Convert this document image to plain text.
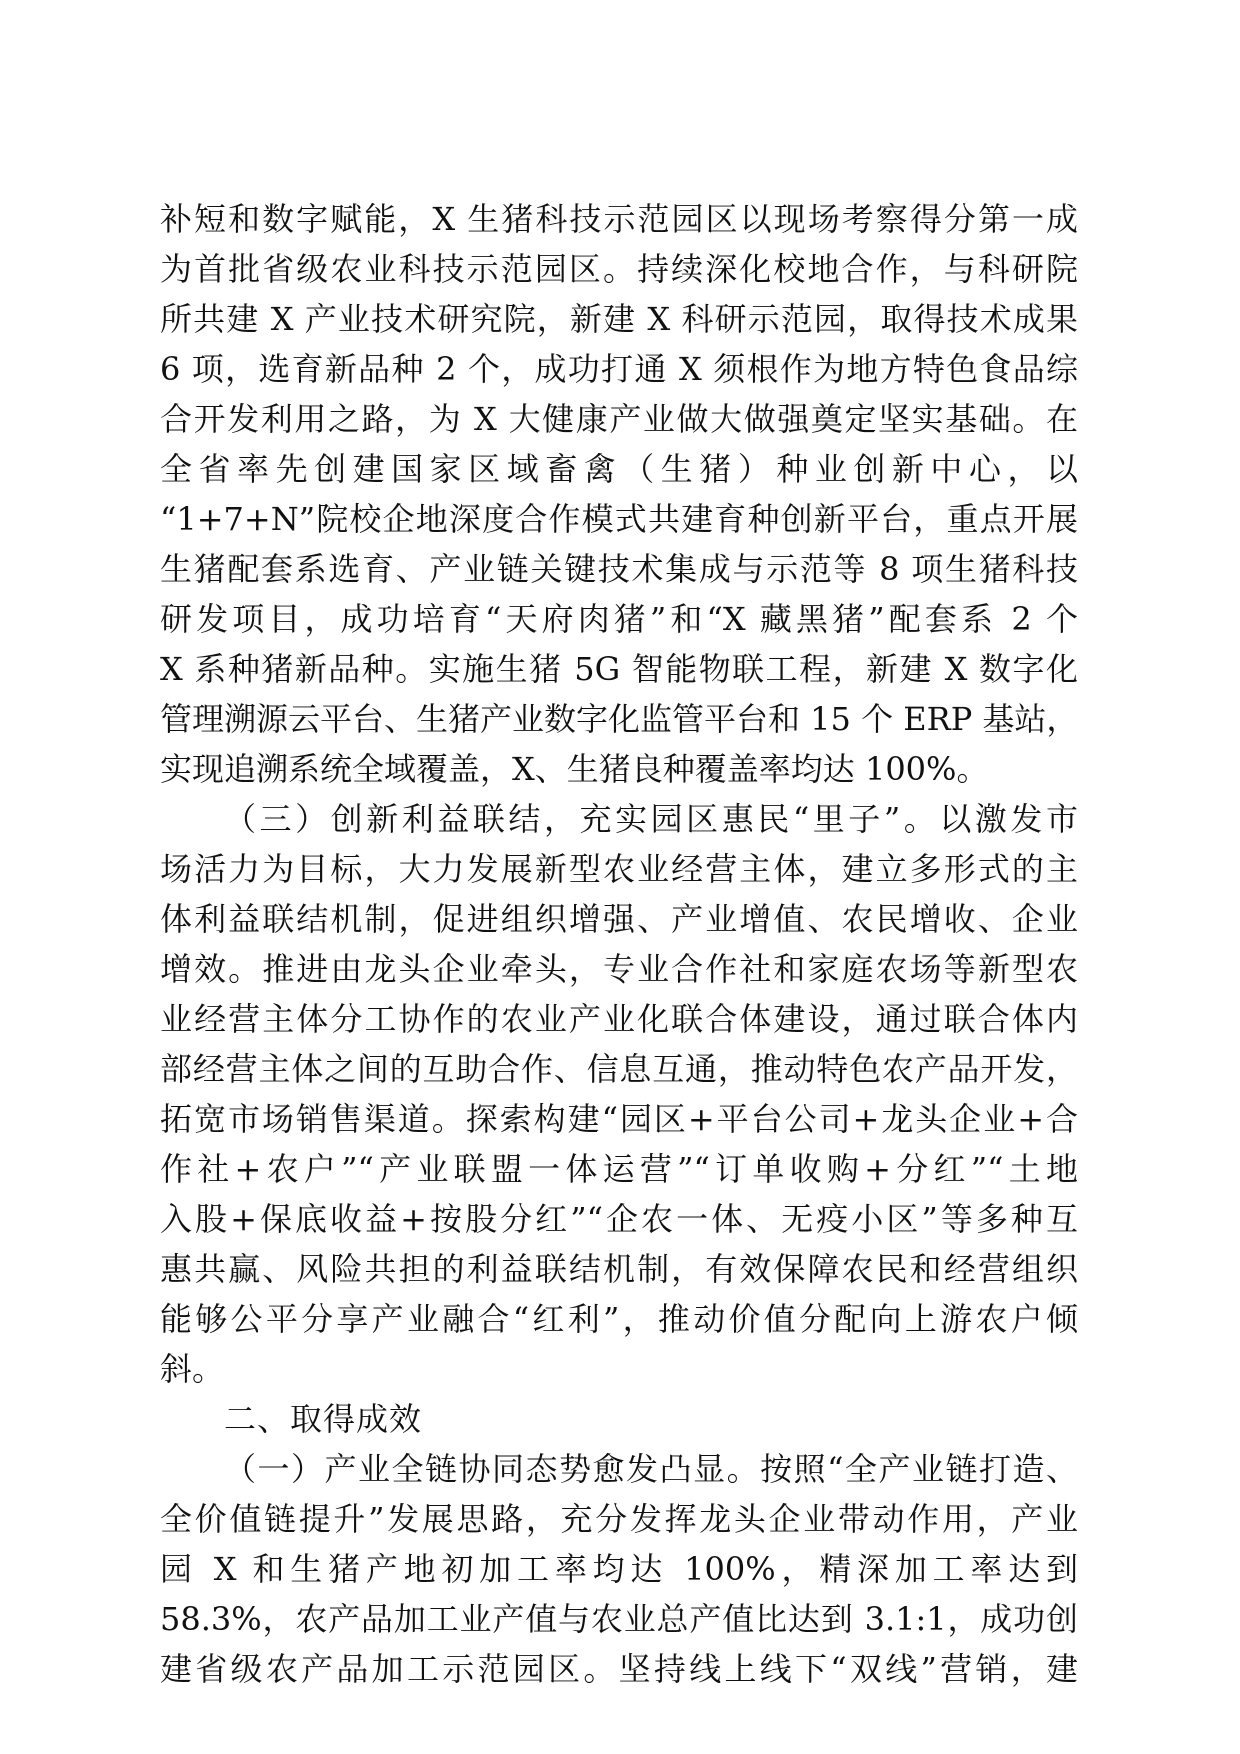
补短和数字赋能，X 生猪科技示范园区以现场考察得分第一成
为首批省级农业科技示范园区。持续深化校地合作，与科研院
所共建 X 产业技术研究院，新建 X 科研示范园，取得技术成果
6 项，选育新品种 2 个，成功打通 X 须根作为地方特色食品综
合开发利用之路，为 X 大健康产业做大做强奠定坚实基础。在
全省率先创建国家区域畜禽（生猪）种业创新中心，以
“1+7+N”院校企地深度合作模式共建育种创新平台，重点开展
生猪配套系选育、产业链关键技术集成与示范等 8 项生猪科技
研发项目，成功培育“天府肉猪”和“X 藏黑猪”配套系 2 个
X 系种猪新品种。实施生猪 5G 智能物联工程，新建 X 数字化
管理溯源云平台、生猪产业数字化监管平台和 15 个 ERP 基站，
实现追溯系统全域覆盖，X、生猪良种覆盖率均达 100%。
（三）创新利益联结，充实园区惠民“里子”。以激发市
场活力为目标，大力发展新型农业经营主体，建立多形式的主
体利益联结机制，促进组织增强、产业增值、农民增收、企业
增效。推进由龙头企业牵头，专业合作社和家庭农场等新型农
业经营主体分工协作的农业产业化联合体建设，通过联合体内
部经营主体之间的互助合作、信息互通，推动特色农产品开发，
拓宽市场销售渠道。探索构建“园区+平台公司+龙头企业+合
作社+农户”“产业联盟一体运营”“订单收购+分红”“土地
入股+保底收益+按股分红”“企农一体、无疫小区”等多种互
惠共赢、风险共担的利益联结机制，有效保障农民和经营组织
能够公平分享产业融合“红利”，推动价值分配向上游农户倾
斜。
二、取得成效
（一）产业全链协同态势愈发凸显。按照“全产业链打造、
全价值链提升”发展思路，充分发挥龙头企业带动作用，产业
园 X 和生猪产地初加工率均达 100%，精深加工率达到
58.3%，农产品加工业产值与农业总产值比达到 3.1:1，成功创
建省级农产品加工示范园区。坚持线上线下“双线”营销，建
